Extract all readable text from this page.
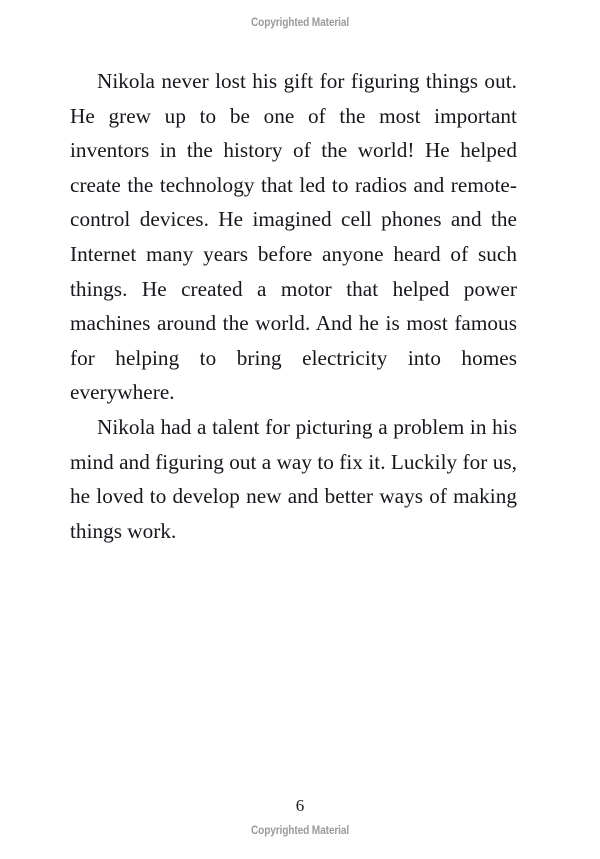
Copyrighted Material

Nikola never lost his gift for figuring things out. He grew up to be one of the most important inventors in the history of the world! He helped create the technology that led to radios and remote-control devices. He imagined cell phones and the Internet many years before anyone heard of such things. He created a motor that helped power machines around the world. And he is most famous for helping to bring electricity into homes everywhere.

Nikola had a talent for picturing a problem in his mind and figuring out a way to fix it. Luckily for us, he loved to develop new and better ways of making things work.

6
Copyrighted Material
